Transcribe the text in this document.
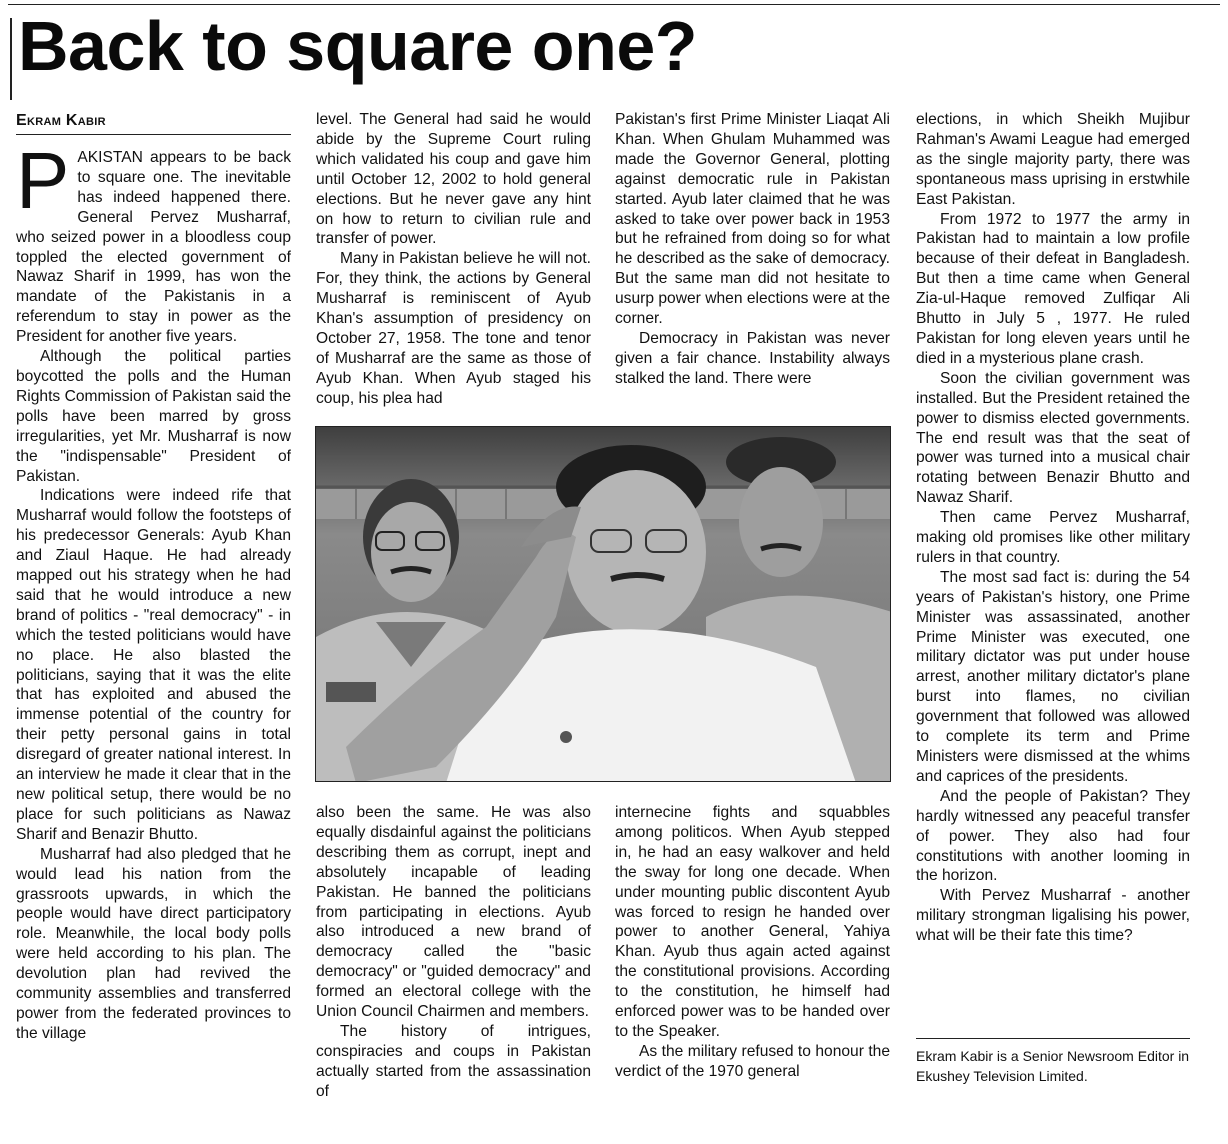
Back to square one?
Ekram Kabir

PAKISTAN appears to be back to square one. The inevitable has indeed happened there. General Pervez Musharraf, who seized power in a bloodless coup toppled the elected government of Nawaz Sharif in 1999, has won the mandate of the Pakistanis in a referendum to stay in power as the President for another five years.

Although the political parties boycotted the polls and the Human Rights Commission of Pakistan said the polls have been marred by gross irregularities, yet Mr. Musharraf is now the "indispensable" President of Pakistan.

Indications were indeed rife that Musharraf would follow the footsteps of his predecessor Generals: Ayub Khan and Ziaul Haque. He had already mapped out his strategy when he had said that he would introduce a new brand of politics - "real democracy" - in which the tested politicians would have no place. He also blasted the politicians, saying that it was the elite that has exploited and abused the immense potential of the country for their petty personal gains in total disregard of greater national interest. In an interview he made it clear that in the new political setup, there would be no place for such politicians as Nawaz Sharif and Benazir Bhutto.

Musharraf had also pledged that he would lead his nation from the grassroots upwards, in which the people would have direct participatory role. Meanwhile, the local body polls were held according to his plan. The devolution plan had revived the community assemblies and transferred power from the federated provinces to the village

level. The General had said he would abide by the Supreme Court ruling which validated his coup and gave him until October 12, 2002 to hold general elections. But he never gave any hint on how to return to civilian rule and transfer of power.

Many in Pakistan believe he will not. For, they think, the actions by General Musharraf is reminiscent of Ayub Khan's assumption of presidency on October 27, 1958. The tone and tenor of Musharraf are the same as those of Ayub Khan. When Ayub staged his coup, his plea had

Pakistan's first Prime Minister Liaqat Ali Khan. When Ghulam Muhammed was made the Governor General, plotting against democratic rule in Pakistan started. Ayub later claimed that he was asked to take over power back in 1953 but he refrained from doing so for what he described as the sake of democracy. But the same man did not hesitate to usurp power when elections were at the corner.

Democracy in Pakistan was never given a fair chance. Instability always stalked the land. There were

also been the same. He was also equally disdainful against the politicians describing them as corrupt, inept and absolutely incapable of leading Pakistan. He banned the politicians from participating in elections. Ayub also introduced a new brand of democracy called the "basic democracy" or "guided democracy" and formed an electoral college with the Union Council Chairmen and members.

The history of intrigues, conspiracies and coups in Pakistan actually started from the assassination of

internecine fights and squabbles among politicos. When Ayub stepped in, he had an easy walkover and held the sway for long one decade. When under mounting public discontent Ayub was forced to resign he handed over power to another General, Yahiya Khan. Ayub thus again acted against the constitutional provisions. According to the constitution, he himself had enforced power was to be handed over to the Speaker.

As the military refused to honour the verdict of the 1970 general

elections, in which Sheikh Mujibur Rahman's Awami League had emerged as the single majority party, there was spontaneous mass uprising in erstwhile East Pakistan.

From 1972 to 1977 the army in Pakistan had to maintain a low profile because of their defeat in Bangladesh. But then a time came when General Zia-ul-Haque removed Zulfiqar Ali Bhutto in July 5 , 1977. He ruled Pakistan for long eleven years until he died in a mysterious plane crash.

Soon the civilian government was installed. But the President retained the power to dismiss elected governments. The end result was that the seat of power was turned into a musical chair rotating between Benazir Bhutto and Nawaz Sharif.

Then came Pervez Musharraf, making old promises like other military rulers in that country.

The most sad fact is: during the 54 years of Pakistan's history, one Prime Minister was assassinated, another Prime Minister was executed, one military dictator was put under house arrest, another military dictator's plane burst into flames, no civilian government that followed was allowed to complete its term and Prime Ministers were dismissed at the whims and caprices of the presidents.

And the people of Pakistan? They hardly witnessed any peaceful transfer of power. They also had four constitutions with another looming in the horizon.

With Pervez Musharraf - another military strongman ligalising his power, what will be their fate this time?

Ekram Kabir is a Senior Newsroom Editor in Ekushey Television Limited.
